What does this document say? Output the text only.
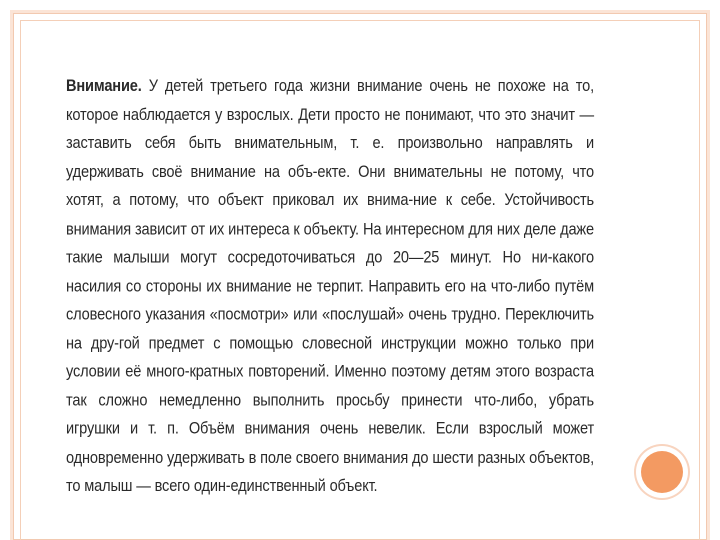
Внимание. У детей третьего года жизни внимание очень не похоже на то, которое наблюдается у взрослых. Дети просто не понимают, что это значит — заставить себя быть внимательным, т. е. произвольно направлять и удерживать своё внимание на объ-екте. Они внимательны не потому, что хотят, а потому, что объект приковал их внима-ние к себе. Устойчивость внимания зависит от их интереса к объекту. На интересном для них деле даже такие малыши могут сосредоточиваться до 20—25 минут. Но ни-какого насилия со стороны их внимание не терпит. Направить его на что-либо путём словесного указания «посмотри» или «послушай» очень трудно. Переключить на дру-гой предмет с помощью словесной инструкции можно только при условии её много-кратных повторений. Именно поэтому детям этого возраста так сложно немедленно выполнить просьбу принести что-либо, убрать игрушки и т. п. Объём внимания очень невелик. Если взрослый может одновременно удерживать в поле своего внимания до шести разных объектов, то малыш — всего один-единственный объект.
